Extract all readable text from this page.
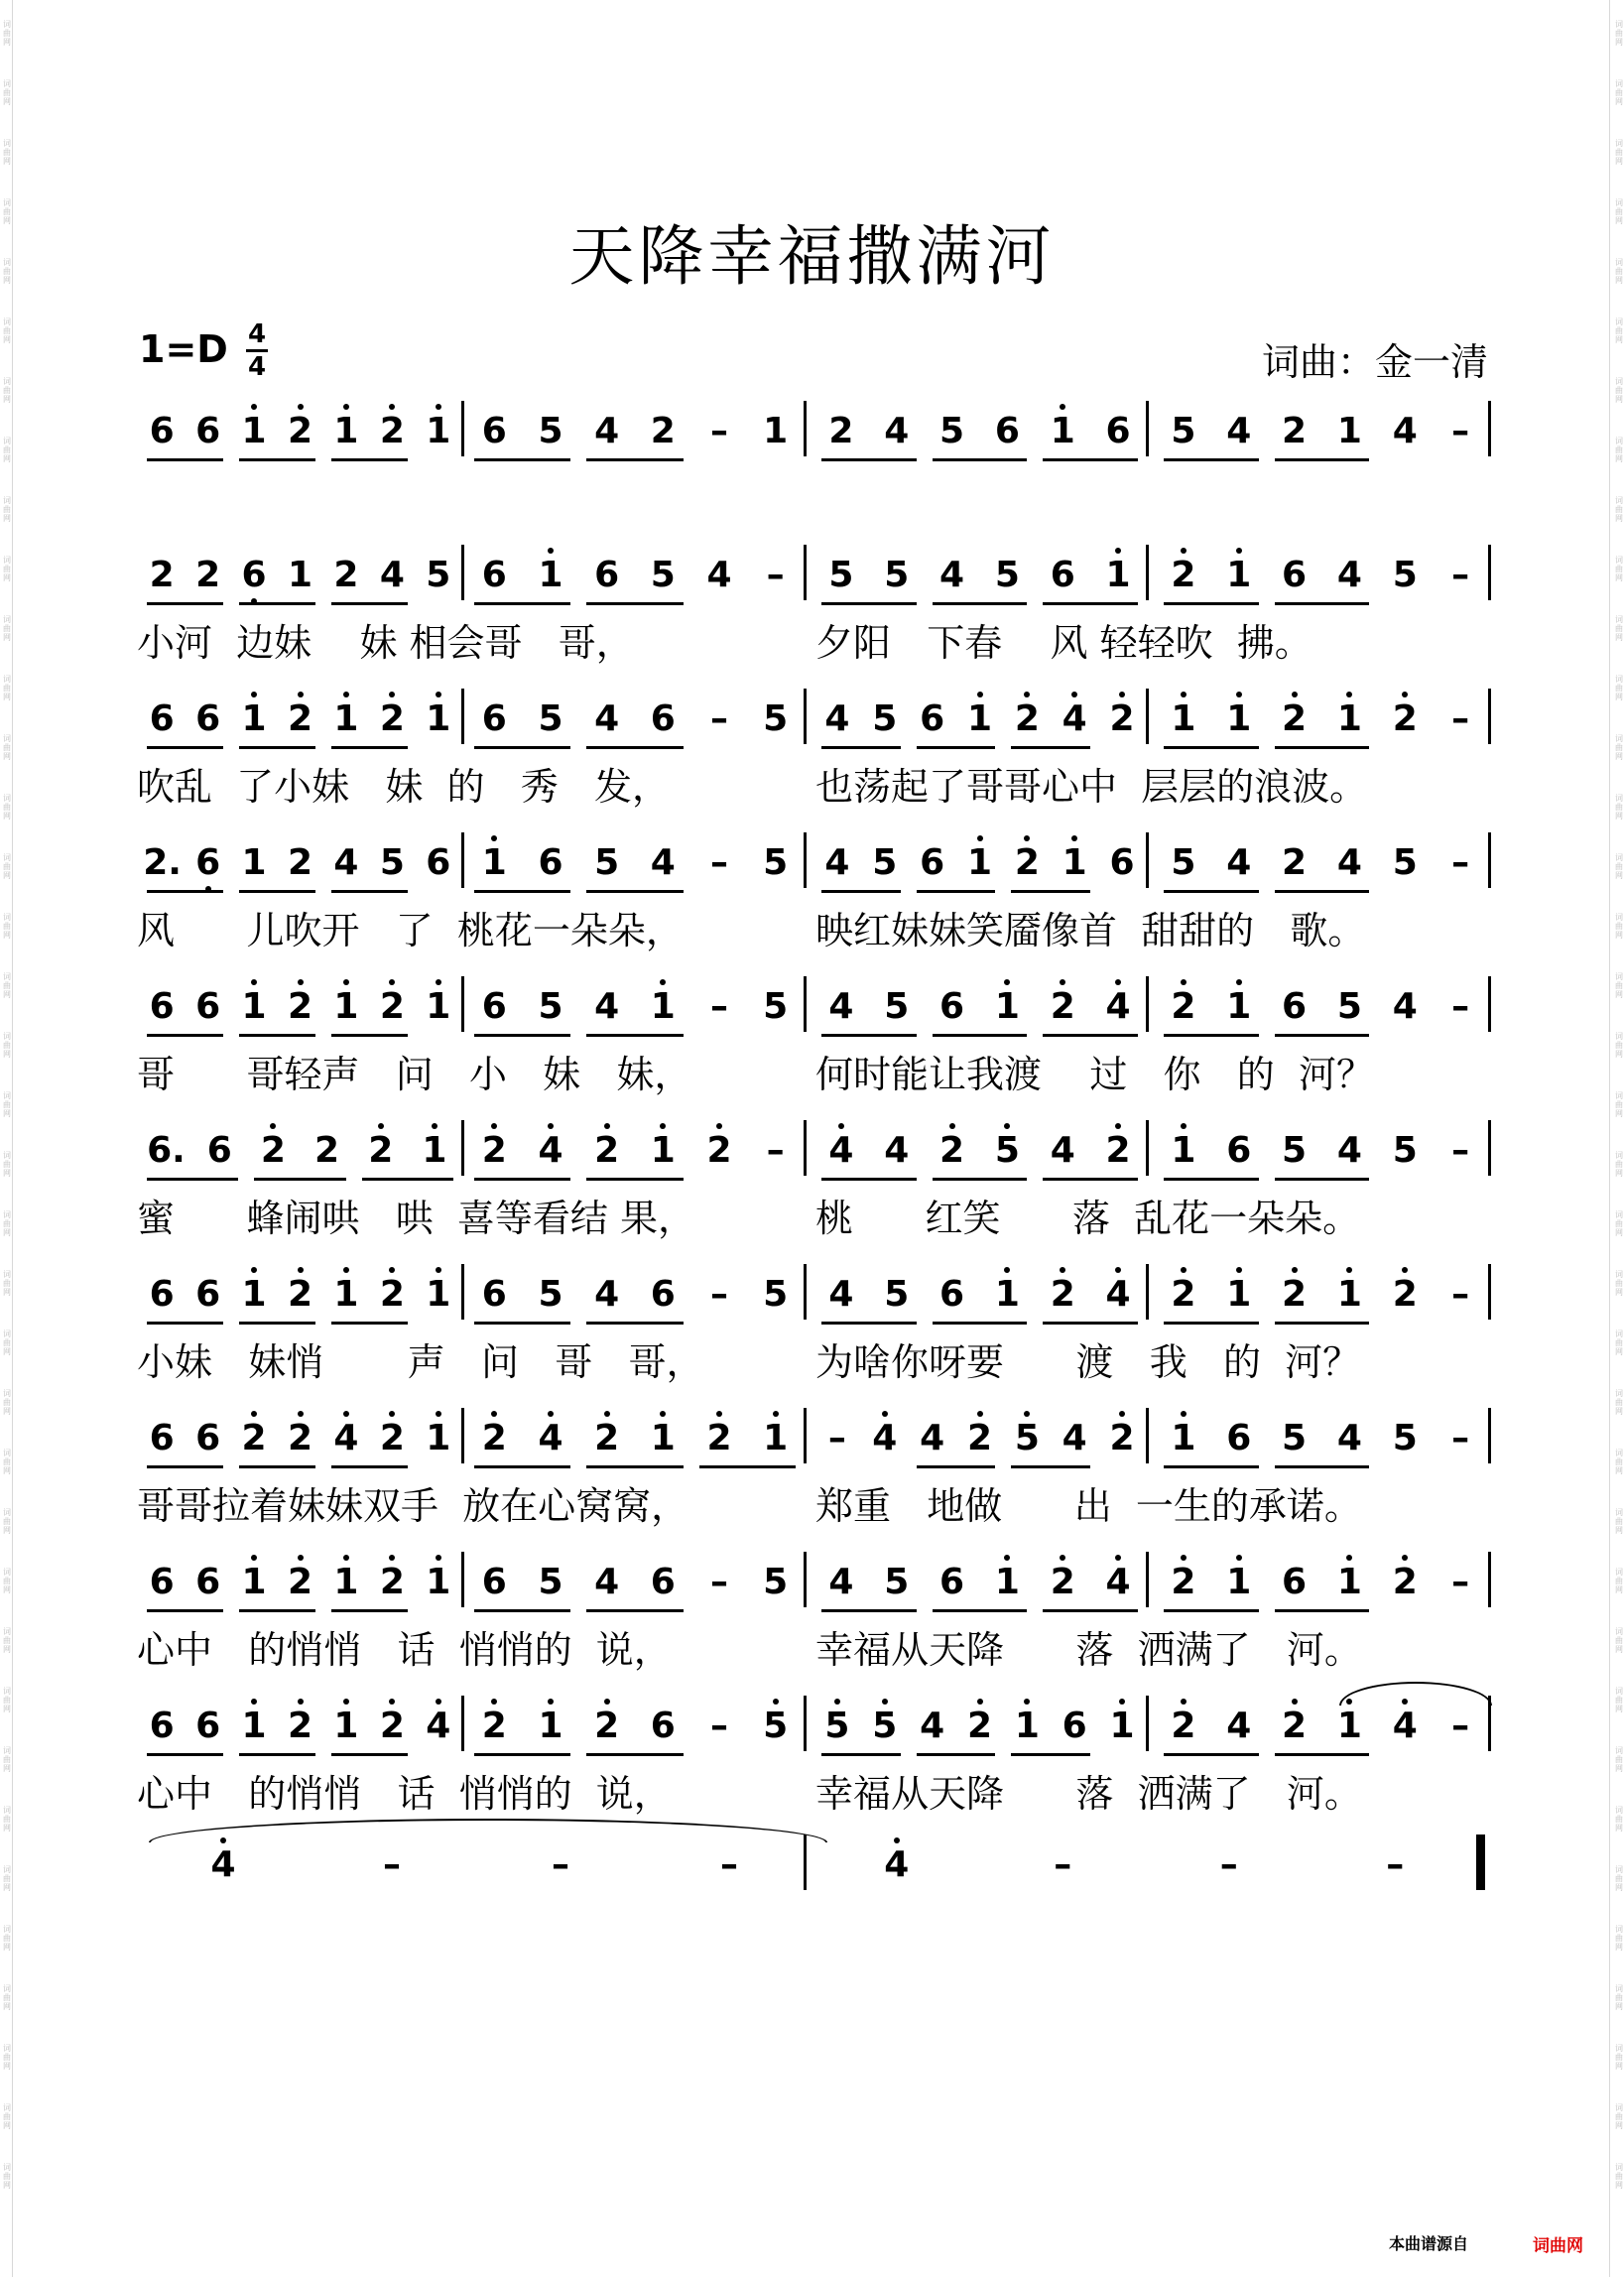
词
曲
网
词
曲
网
词
曲
网
词
曲
网
词
曲
网
词
曲
网
词
曲
网
词
曲
网
词
曲
网
词
曲
网
词
曲
网
词
曲
网
词
曲
网
词
曲
网
词
曲
网
词
曲
网
词
曲
网
词
曲
网
词
曲
网
词
曲
网
词
曲
网
词
曲
网
词
曲
网
词
曲
网
词
曲
网
词
曲
网
词
曲
网
词
曲
网
词
曲
网
词
曲
网
词
曲
网
词
曲
网
词
曲
网
词
曲
网
词
曲
网
词
曲
网
词
曲
网
词
曲
网
词
曲
网
词
曲
网
词
曲
网
词
曲
网
词
曲
网
词
曲
网
词
曲
网
词
曲
网
词
曲
网
词
曲
网
词
曲
网
词
曲
网
词
曲
网
词
曲
网
词
曲
网
词
曲
网
词
曲
网
词
曲
网
词
曲
网
词
曲
网
词
曲
网
词
曲
网
词
曲
网
词
曲
网
词
曲
网
词
曲
网
词
曲
网
词
曲
网
词
曲
网
词
曲
网
词
曲
网
词
曲
网
词
曲
网
词
曲
网
词
曲
网
词
曲
网
天降幸福撒满河
1=D 4
4	词曲：金一清
6 6 1 2 1 2 1 6 5 4 2 – 1 2 4 5 6 1 6 5 4 2 1 4 –
2 2 6 1 2 4 5 6 1 6 5 4 – 5 5 4 5 6 1 2 1 6 4 5 –
小河  边妹    妹 相会哥   哥，	夕阳   下春    风 轻轻吹  拂。
6 6 1 2 1 2 1 6 5 4 6 – 5 4 5 6 1 2 4 2 1 1 2 1 2 –
吹乱  了小妹   妹  的   秀   发，	也荡起了哥哥心中  层层的浪波。
2. 6 1 2 4 5 6 1 6 5 4 – 5 4 5 6 1 2 1 6 5 4 2 4 5 –
风      儿吹开   了  桃花一朵朵，	映红妹妹笑靥像首  甜甜的   歌。
6 6 1 2 1 2 1 6 5 4 1 – 5 4 5 6 1 2 4 2 1 6 5 4 –
哥      哥轻声   问   小   妹   妹，	何时能让我渡    过   你   的  河？
6. 6 2 2 2 1 2 4 2 1 2 – 4 4 2 5 4 2 1 6 5 4 5 –
蜜      蜂闹哄   哄  喜等看结 果，	桃      红笑      落  乱花一朵朵。
6 6 1 2 1 2 1 6 5 4 6 – 5 4 5 6 1 2 4 2 1 2 1 2 –
小妹   妹悄       声   问   哥   哥，	为啥你呀要      渡   我   的  河？
6 6 2 2 4 2 1 2 4 2 1 2 1 – 4 4 2 5 4 2 1 6 5 4 5 –
哥哥拉着妹妹双手  放在心窝窝，	郑重   地做      出  一生的承诺。
6 6 1 2 1 2 1 6 5 4 6 – 5 4 5 6 1 2 4 2 1 6 1 2 –
心中   的悄悄   话  悄悄的  说，	幸福从天降      落  洒满了   河。
6 6 1 2 1 2 4 2 1 2 6 – 5 5 5 4 2 1 6 1 2 4 2 1 4 –
心中   的悄悄   话  悄悄的  说，	幸福从天降      落  洒满了   河。
4	–	–	–	4	–	–	–
本曲谱源自	词曲网
